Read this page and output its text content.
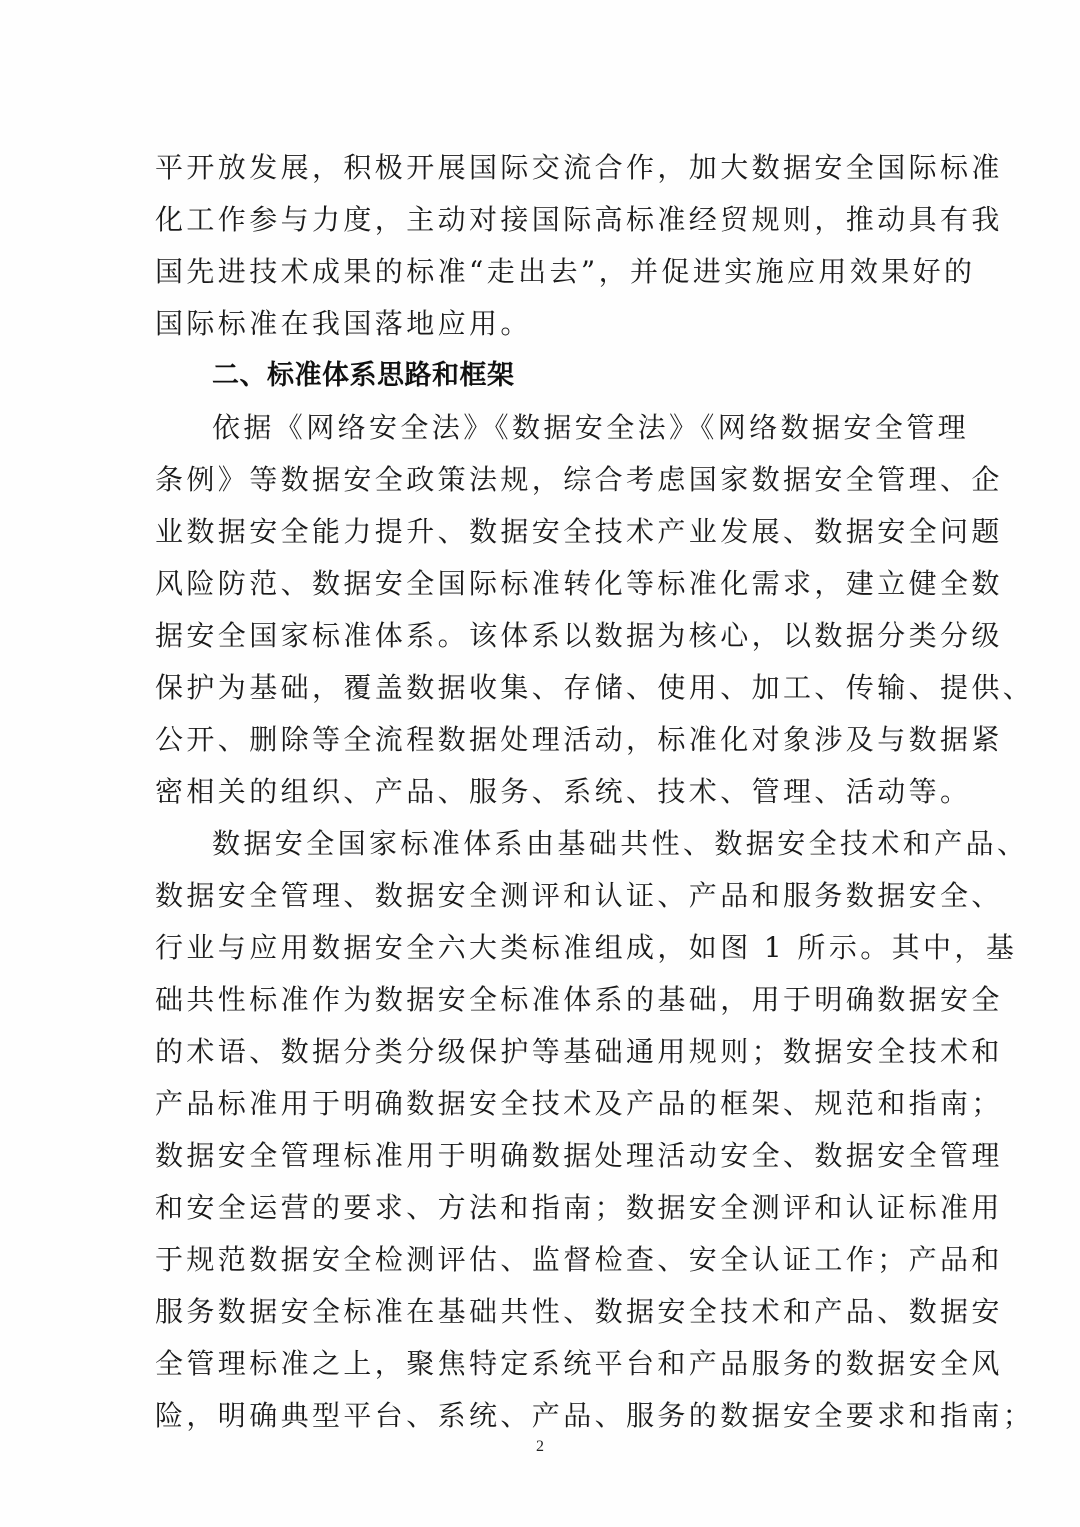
平开放发展，积极开展国际交流合作，加大数据安全国际标准
化工作参与力度，主动对接国际高标准经贸规则，推动具有我
国先进技术成果的标准“走出去”，并促进实施应用效果好的
国际标准在我国落地应用。
二、标准体系思路和框架
依据《网络安全法》《数据安全法》《网络数据安全管理
条例》等数据安全政策法规，综合考虑国家数据安全管理、企
业数据安全能力提升、数据安全技术产业发展、数据安全问题
风险防范、数据安全国际标准转化等标准化需求，建立健全数
据安全国家标准体系。该体系以数据为核心，以数据分类分级
保护为基础，覆盖数据收集、存储、使用、加工、传输、提供、
公开、删除等全流程数据处理活动，标准化对象涉及与数据紧
密相关的组织、产品、服务、系统、技术、管理、活动等。
数据安全国家标准体系由基础共性、数据安全技术和产品、
数据安全管理、数据安全测评和认证、产品和服务数据安全、
行业与应用数据安全六大类标准组成，如图 1 所示。其中，基
础共性标准作为数据安全标准体系的基础，用于明确数据安全
的术语、数据分类分级保护等基础通用规则；数据安全技术和
产品标准用于明确数据安全技术及产品的框架、规范和指南；
数据安全管理标准用于明确数据处理活动安全、数据安全管理
和安全运营的要求、方法和指南；数据安全测评和认证标准用
于规范数据安全检测评估、监督检查、安全认证工作；产品和
服务数据安全标准在基础共性、数据安全技术和产品、数据安
全管理标准之上，聚焦特定系统平台和产品服务的数据安全风
险，明确典型平台、系统、产品、服务的数据安全要求和指南；
2
